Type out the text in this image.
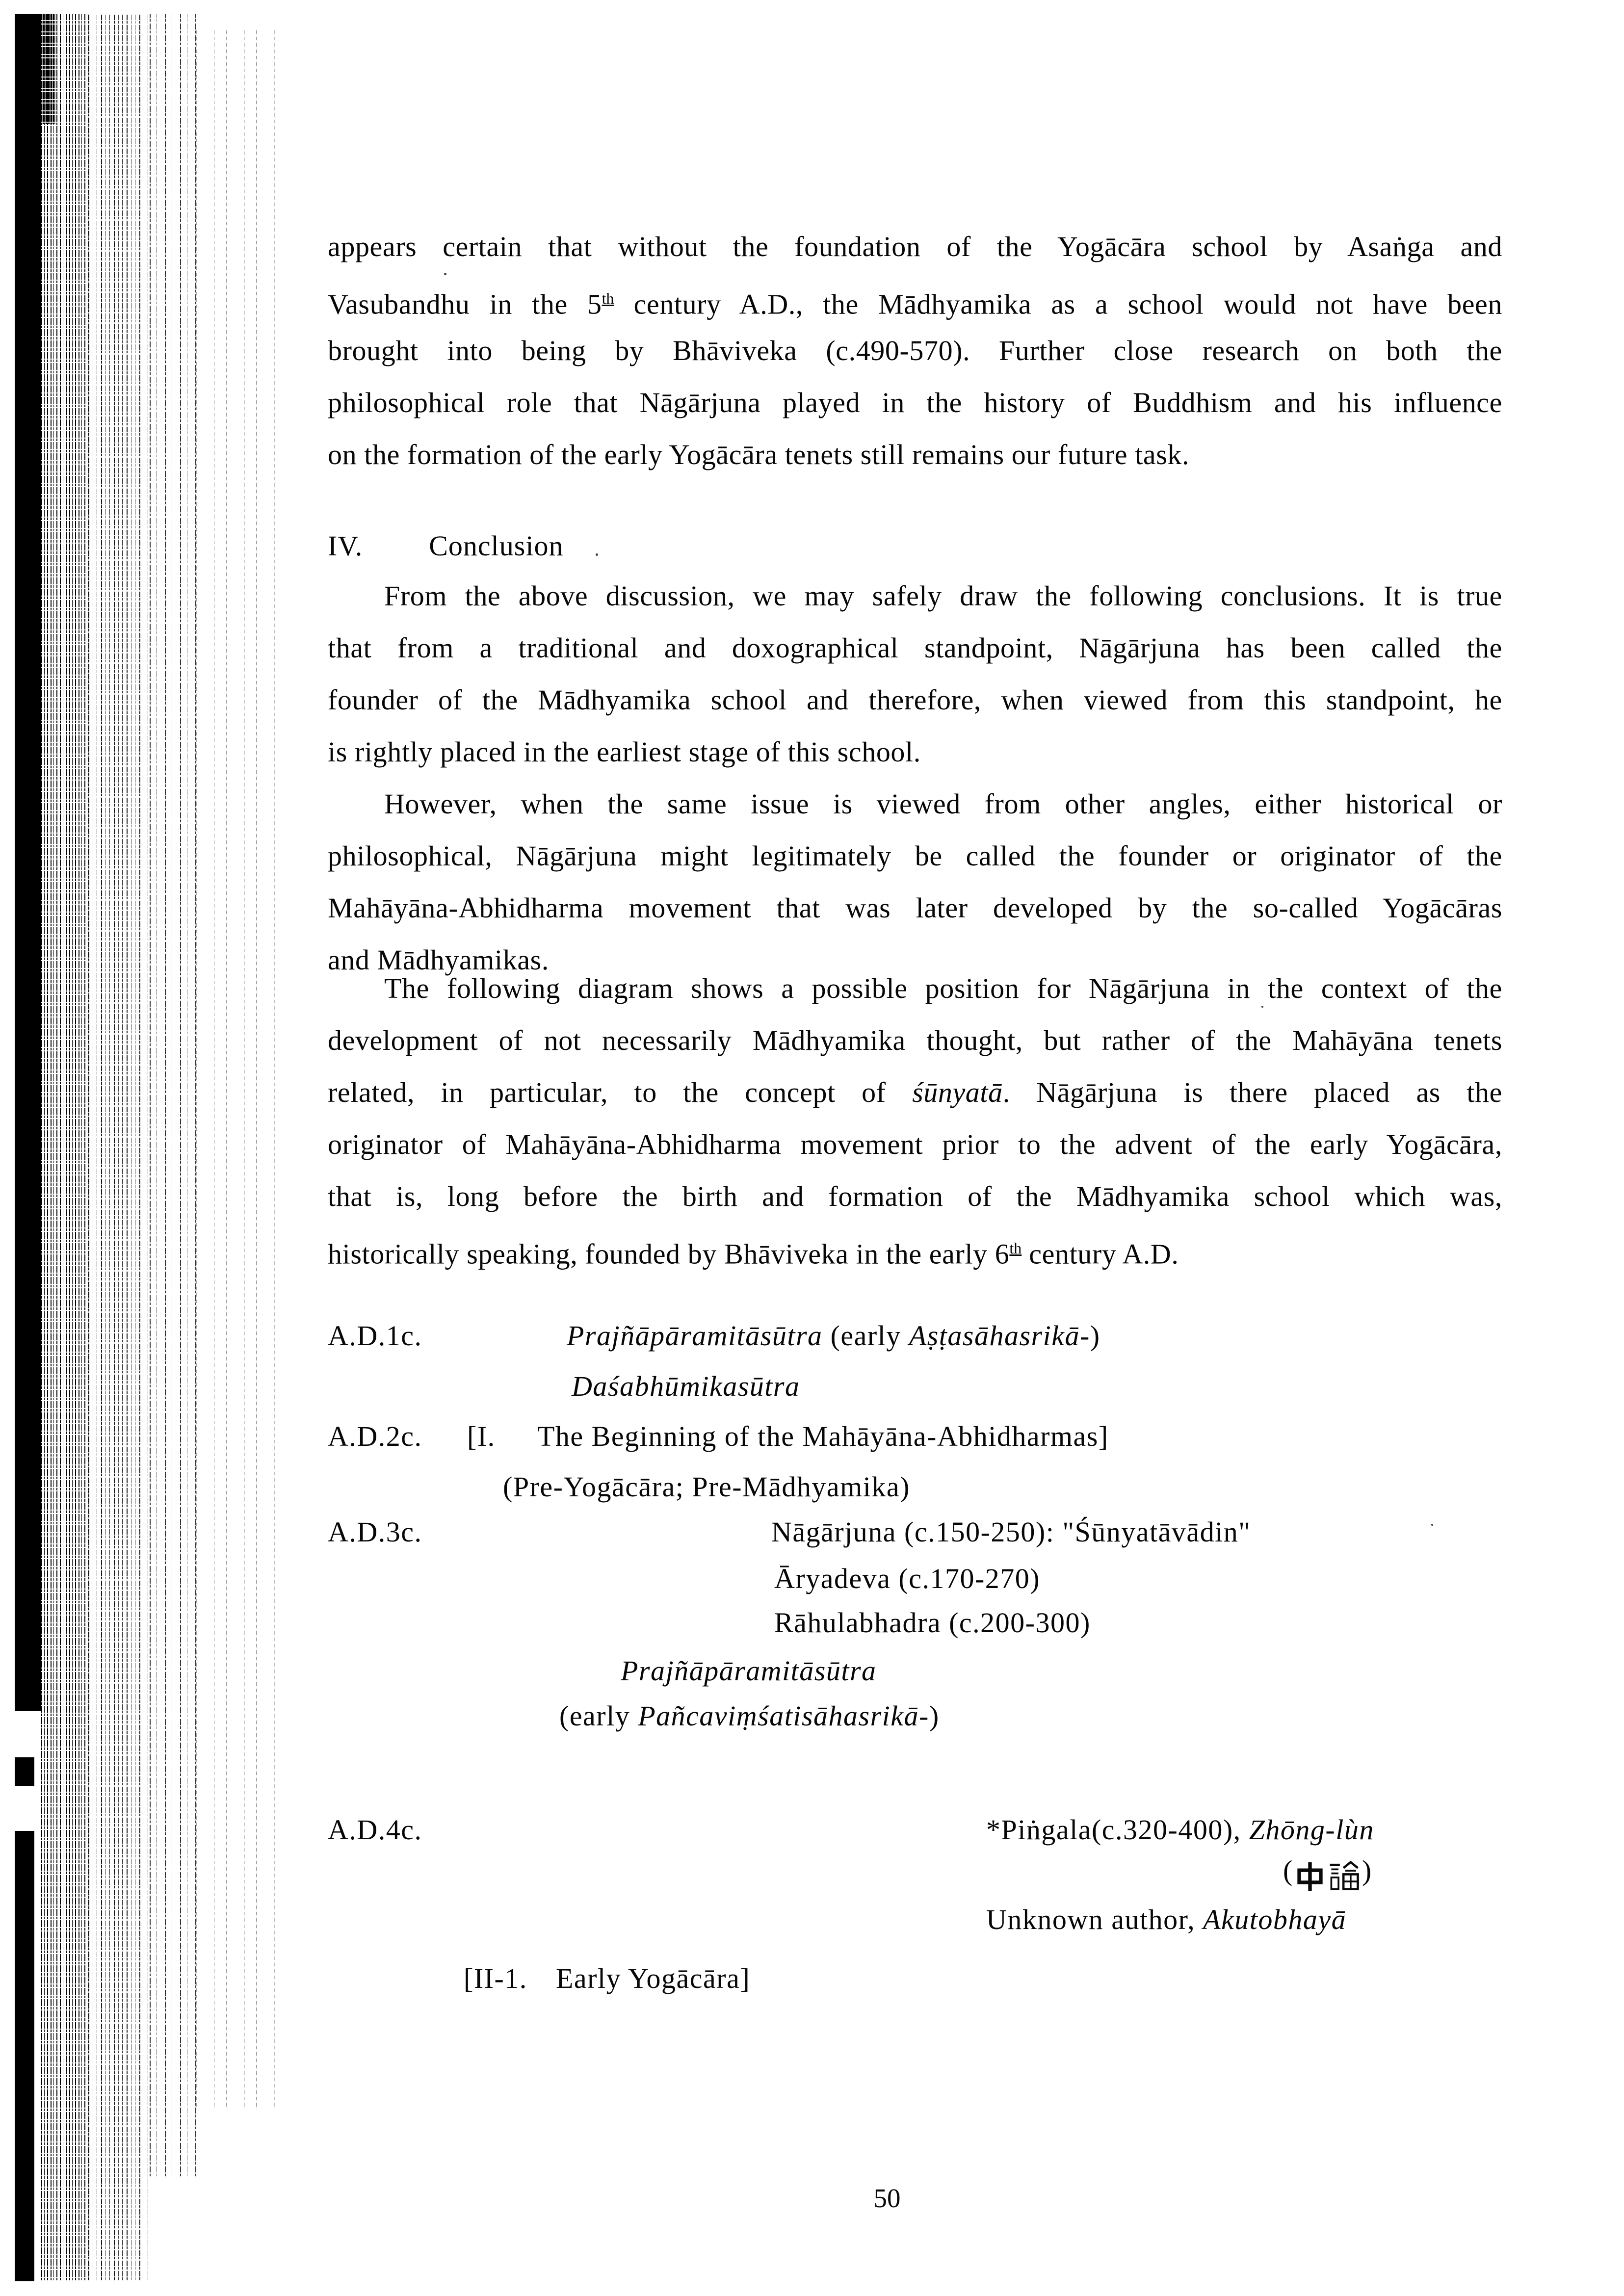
appears certain that without the foundation of the Yogācāra school by Asaṅga and
Vasubandhu in the 5th century A.D., the Mādhyamika as a school would not have been
brought into being by Bhāviveka (c.490-570). Further close research on both the
philosophical role that Nāgārjuna played in the history of Buddhism and his influence
on the formation of the early Yogācāra tenets still remains our future task.
IV. Conclusion
From the above discussion, we may safely draw the following conclusions. It is true
that from a traditional and doxographical standpoint, Nāgārjuna has been called the
founder of the Mādhyamika school and therefore, when viewed from this standpoint, he
is rightly placed in the earliest stage of this school.
However, when the same issue is viewed from other angles, either historical or
philosophical, Nāgārjuna might legitimately be called the founder or originator of the
Mahāyāna-Abhidharma movement that was later developed by the so-called Yogācāras
and Mādhyamikas.
The following diagram shows a possible position for Nāgārjuna in the context of the
development of not necessarily Mādhyamika thought, but rather of the Mahāyāna tenets
related, in particular, to the concept of śūnyatā. Nāgārjuna is there placed as the
originator of Mahāyāna-Abhidharma movement prior to the advent of the early Yogācāra,
that is, long before the birth and formation of the Mādhyamika school which was,
historically speaking, founded by Bhāviveka in the early 6th century A.D.
A.D.1c.	Prajñāpāramitāsūtra (early Aṣṭasāhasrikā-)
Daśabhūmikasūtra
A.D.2c. [I. The Beginning of the Mahāyāna-Abhidharmas]
(Pre-Yogācāra; Pre-Mādhyamika)
A.D.3c.	Nāgārjuna (c.150-250): "Śūnyatāvādin"
Āryadeva (c.170-270)
Rāhulabhadra (c.200-300)
Prajñāpāramitāsūtra
(early Pañcaviṃśatisāhasrikā-)
A.D.4c.	*Piṅgala(c.320-400), Zhōng-lùn
( )
Unknown author, Akutobhayā
[II-1. Early Yogācāra]
50
